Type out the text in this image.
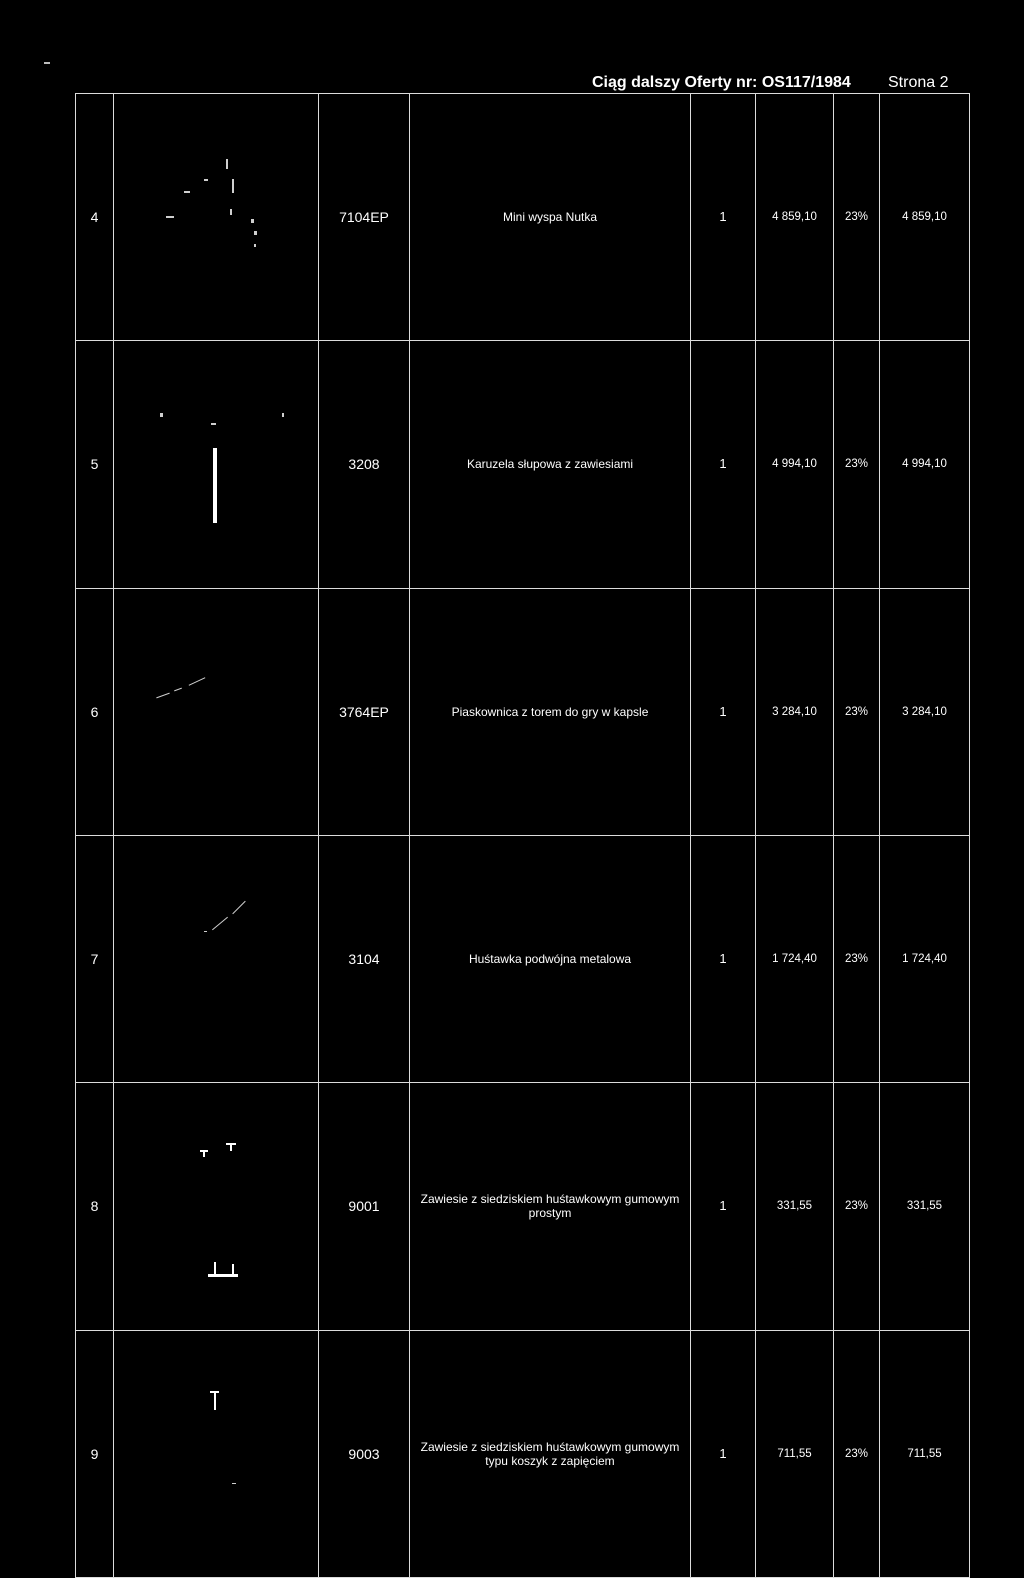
Ciąg dalszy Oferty nr: OS117/1984 Strona 2
4		7104EP	Mini wyspa Nutka	1	4 859,10	23%	4 859,10
5		3208	Karuzela słupowa z zawiesiami	1	4 994,10	23%	4 994,10
6		3764EP	Piaskownica z torem do gry w kapsle	1	3 284,10	23%	3 284,10
7		3104	Huśtawka podwójna metalowa	1	1 724,40	23%	1 724,40
8		9001	Zawiesie z siedziskiem huśtawkowym gumowym prostym	1	331,55	23%	331,55
9		9003	Zawiesie z siedziskiem huśtawkowym gumowym typu koszyk z zapięciem	1	711,55	23%	711,55
